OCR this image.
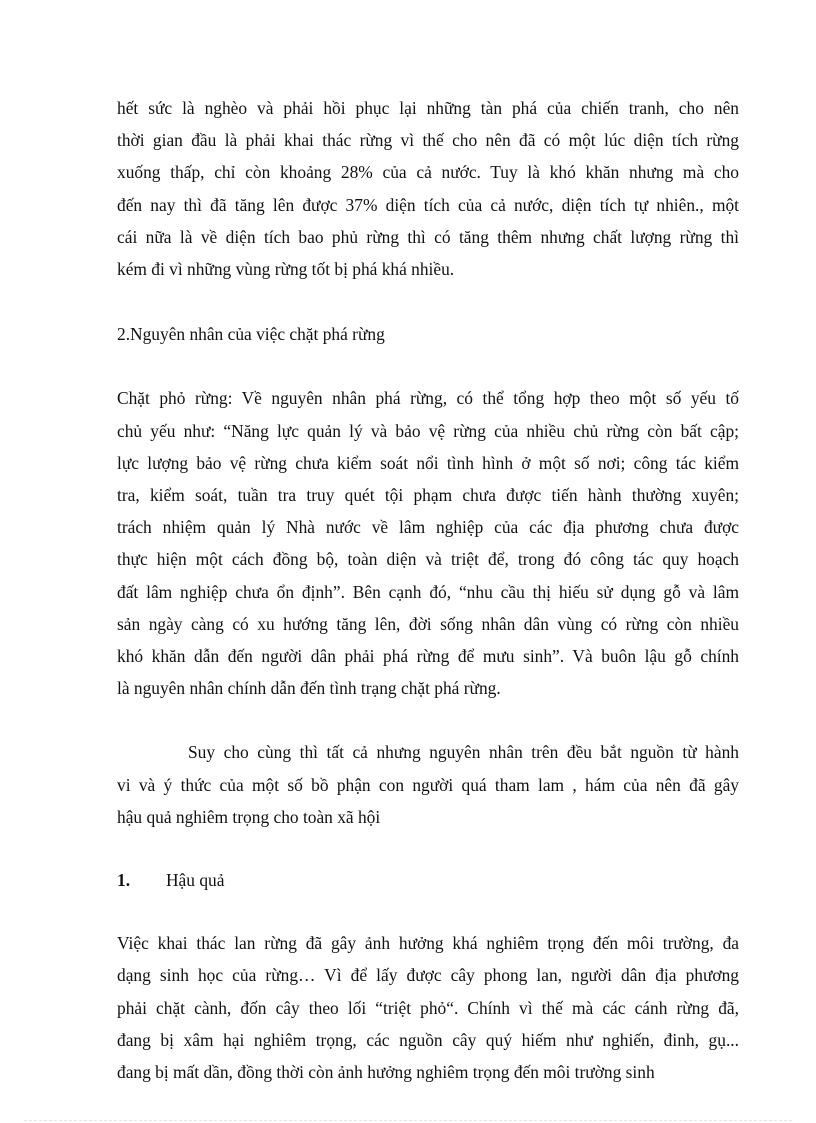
hết sức là nghèo và phải hồi phục lại những tàn phá của chiến tranh, cho nên
thời gian đầu là phải khai thác rừng vì thế cho nên đã có một lúc diện tích rừng
xuống thấp, chỉ còn khoảng 28% của cả nước. Tuy là khó khăn nhưng mà cho
đến nay thì đã tăng lên được 37% diện tích của cả nước, diện tích tự nhiên., một
cái nữa là về diện tích bao phủ rừng thì có tăng thêm nhưng chất lượng rừng thì
kém đi vì những vùng rừng tốt bị phá khá nhiều.

2.Nguyên nhân của việc chặt phá rừng

Chặt phỏ rừng: Về nguyên nhân phá rừng, có thể tổng hợp theo một số yếu tố
chủ yếu như: “Năng lực quản lý và bảo vệ rừng của nhiều chủ rừng còn bất cập;
lực lượng bảo vệ rừng chưa kiểm soát nổi tình hình ở một số nơi; công tác kiểm
tra, kiểm soát, tuần tra truy quét tội phạm chưa được tiến hành thường xuyên;
trách nhiệm quản lý Nhà nước về lâm nghiệp của các địa phương chưa được
thực hiện một cách đồng bộ, toàn diện và triệt để, trong đó công tác quy hoạch
đất lâm nghiệp chưa ổn định”. Bên cạnh đó, “nhu cầu thị hiếu sử dụng gỗ và lâm
sản ngày càng có xu hướng tăng lên, đời sống nhân dân vùng có rừng còn nhiều
khó khăn dẫn đến người dân phải phá rừng để mưu sinh”. Và buôn lậu gỗ chính
là nguyên nhân chính dẫn đến tình trạng chặt phá rừng.

Suy cho cùng thì tất cả nhưng nguyên nhân trên đều bắt nguồn từ hành
vi và ý thức của một số bồ phận con người quá tham lam , hám của nên đã gây
hậu quả nghiêm trọng cho toàn xã hội

1.	Hậu quả

Việc khai thác lan rừng đã gây ảnh hưởng khá nghiêm trọng đến môi trường, đa
dạng sinh học của rừng… Vì để lấy được cây phong lan, người dân địa phương
phải chặt cành, đốn cây theo lối “triệt phỏ“. Chính vì thế mà các cánh rừng đã,
đang bị xâm hại nghiêm trọng, các nguồn cây quý hiếm như nghiến, đinh, gụ...
đang bị mất dần, đồng thời còn ảnh hưởng nghiêm trọng đến môi trường sinh
